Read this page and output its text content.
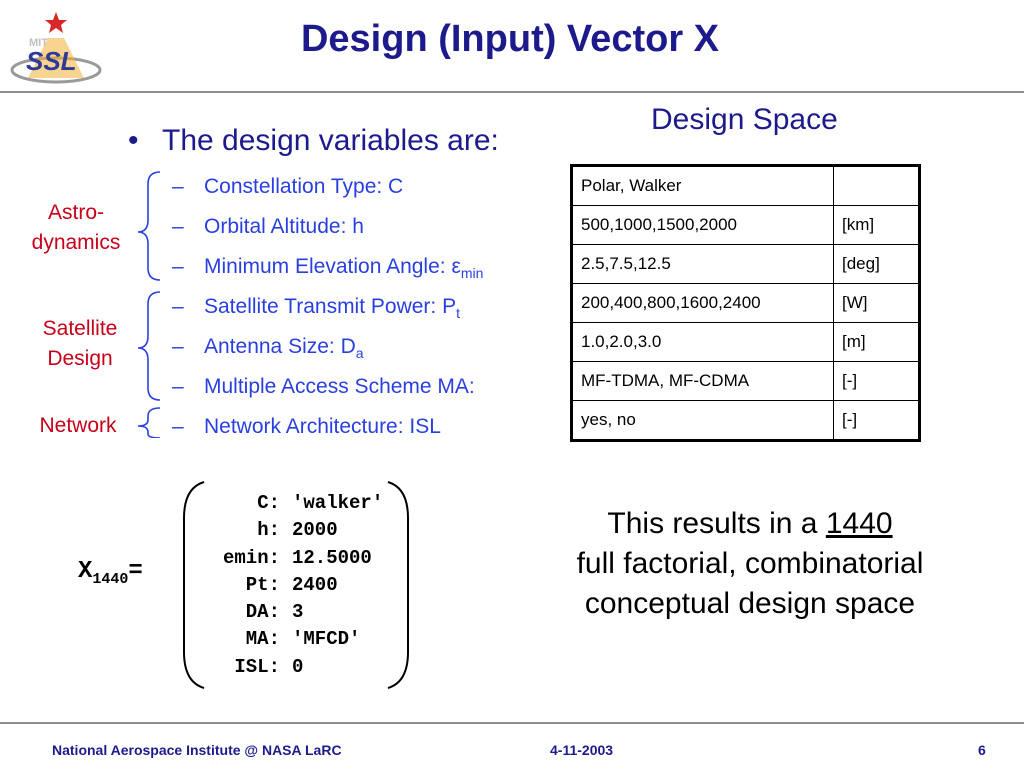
MIT
SSL
Design (Input) Vector X
• The design variables are:
Astro-
dynamics
Satellite
Design
Network
– Constellation Type: C
– Orbital Altitude: h
– Minimum Elevation Angle: $\varepsilon_{min}$
– Satellite Transmit Power: $P_t$
– Antenna Size: $D_a$
– Multiple Access Scheme MA:
– Network Architecture: ISL
Design Space
Polar, Walker	
500,1000,1500,2000	[km]
2.5,7.5,12.5	[deg]
200,400,800,1600,2400	[W]
1.0,2.0,3.0	[m]
MF-TDMA, MF-CDMA	[-]
yes, no	[-]
$X_{1440}=$
C: 'walker'
h: 2000
emin: 12.5000
Pt: 2400
DA: 3
MA: 'MFCD'
ISL: 0
This results in a 1440
full factorial, combinatorial
conceptual design space
National Aerospace Institute @ NASA LaRC	4-11-2003	6
